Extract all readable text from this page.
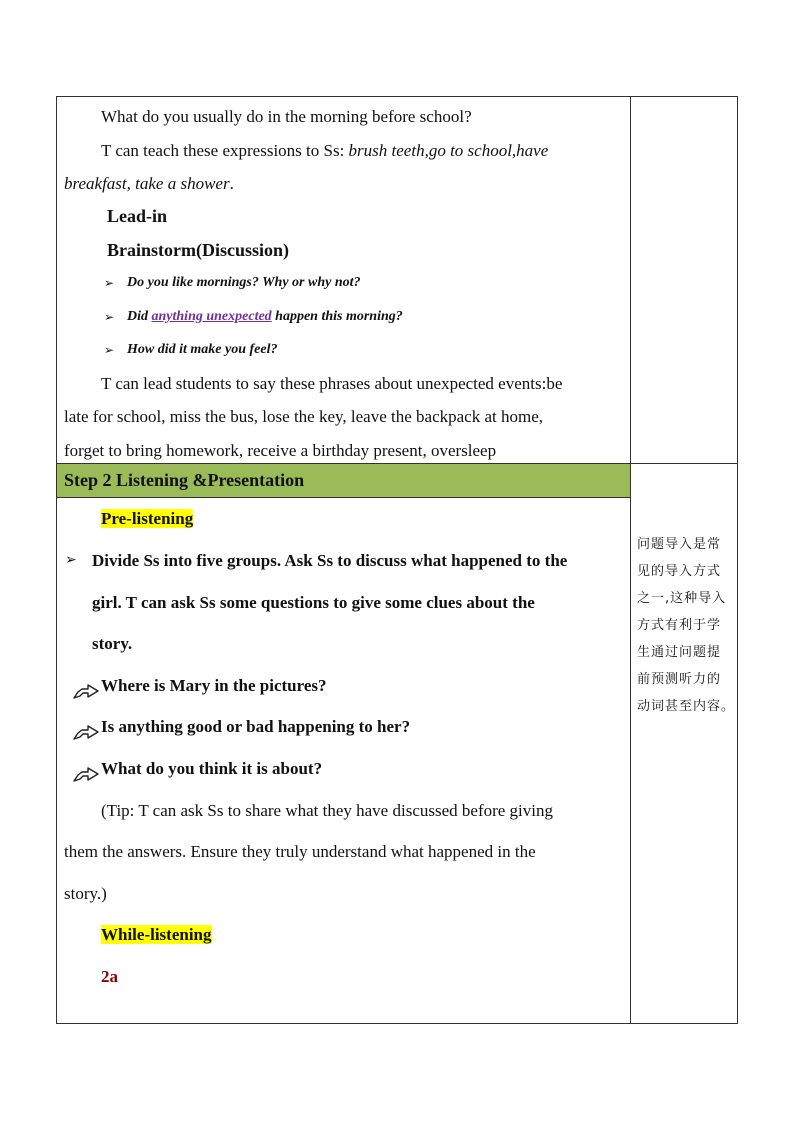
Step 2 Listening &Presentation
What do you usually do in the morning before school?
T can teach these expressions to Ss: brush teeth,go to school,have
breakfast, take a shower.
Lead-in
Brainstorm(Discussion)
➢ Do you like mornings? Why or why not?
➢ Did anything unexpected happen this morning?
➢ How did it make you feel?
T can lead students to say these phrases about unexpected events:be
late for school, miss the bus, lose the key, leave the backpack at home,
forget to bring homework, receive a birthday present, oversleep
Pre-listening
➢ Divide Ss into five groups. Ask Ss to discuss what happened to the
girl. T can ask Ss some questions to give some clues about the
story.
Where is Mary in the pictures?
Is anything good or bad happening to her?
What do you think it is about?
(Tip: T can ask Ss to share what they have discussed before giving
them the answers. Ensure they truly understand what happened in the
story.)
While-listening
2a
问题导入是常
见的导入方式
之一,这种导入
方式有利于学
生通过问题提
前预测听力的
动词甚至内容。
